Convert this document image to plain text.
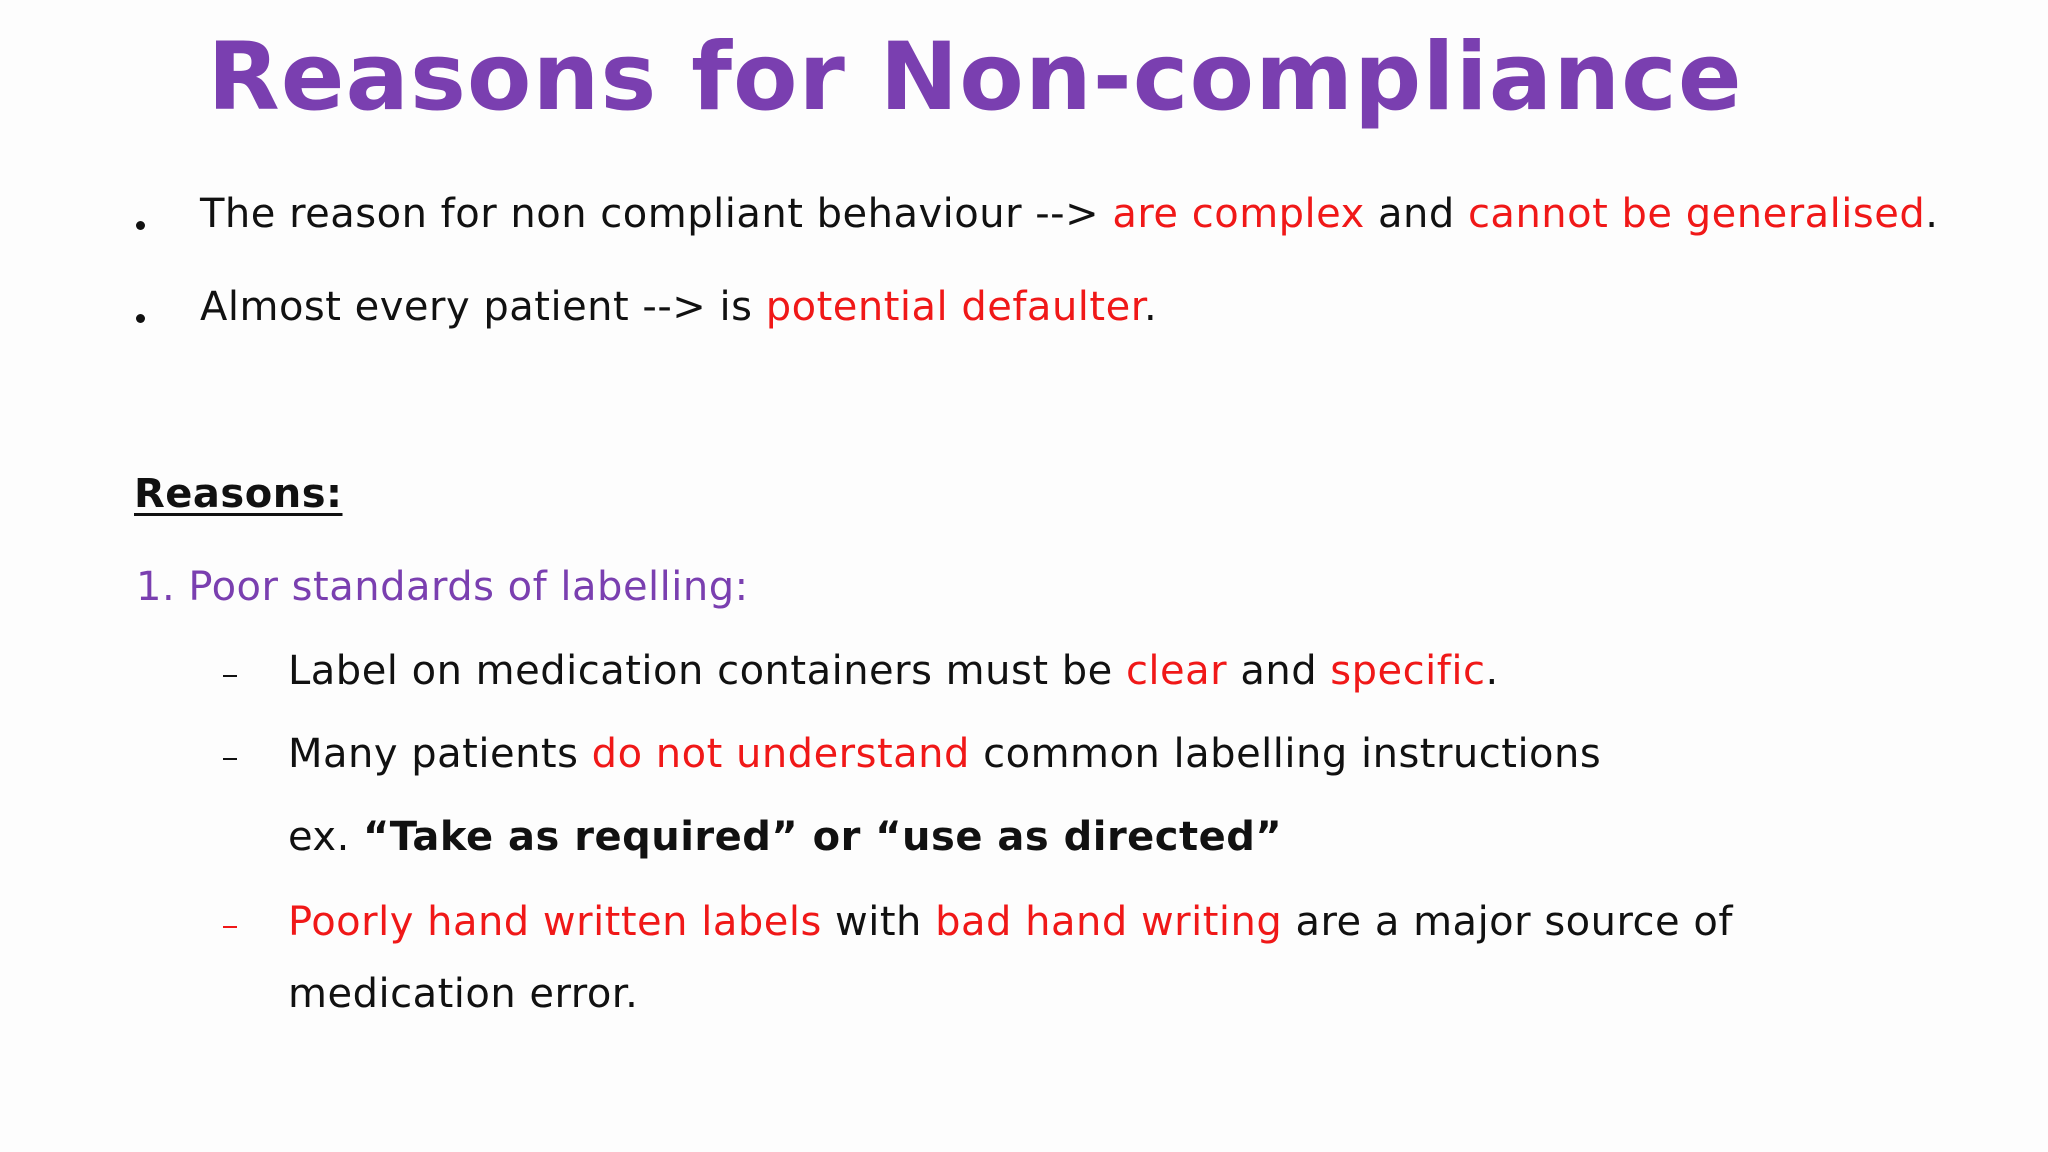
Reasons for Non-compliance
The reason for non compliant behaviour --> are complex and cannot be generalised.
Almost every patient --> is potential defaulter.
Reasons:
1. Poor standards of labelling:
Label on medication containers must be clear and specific.
Many patients do not understand common labelling instructions
ex. “Take as required” or “use as directed”
Poorly hand written labels with bad hand writing are a major source of
medication error.
